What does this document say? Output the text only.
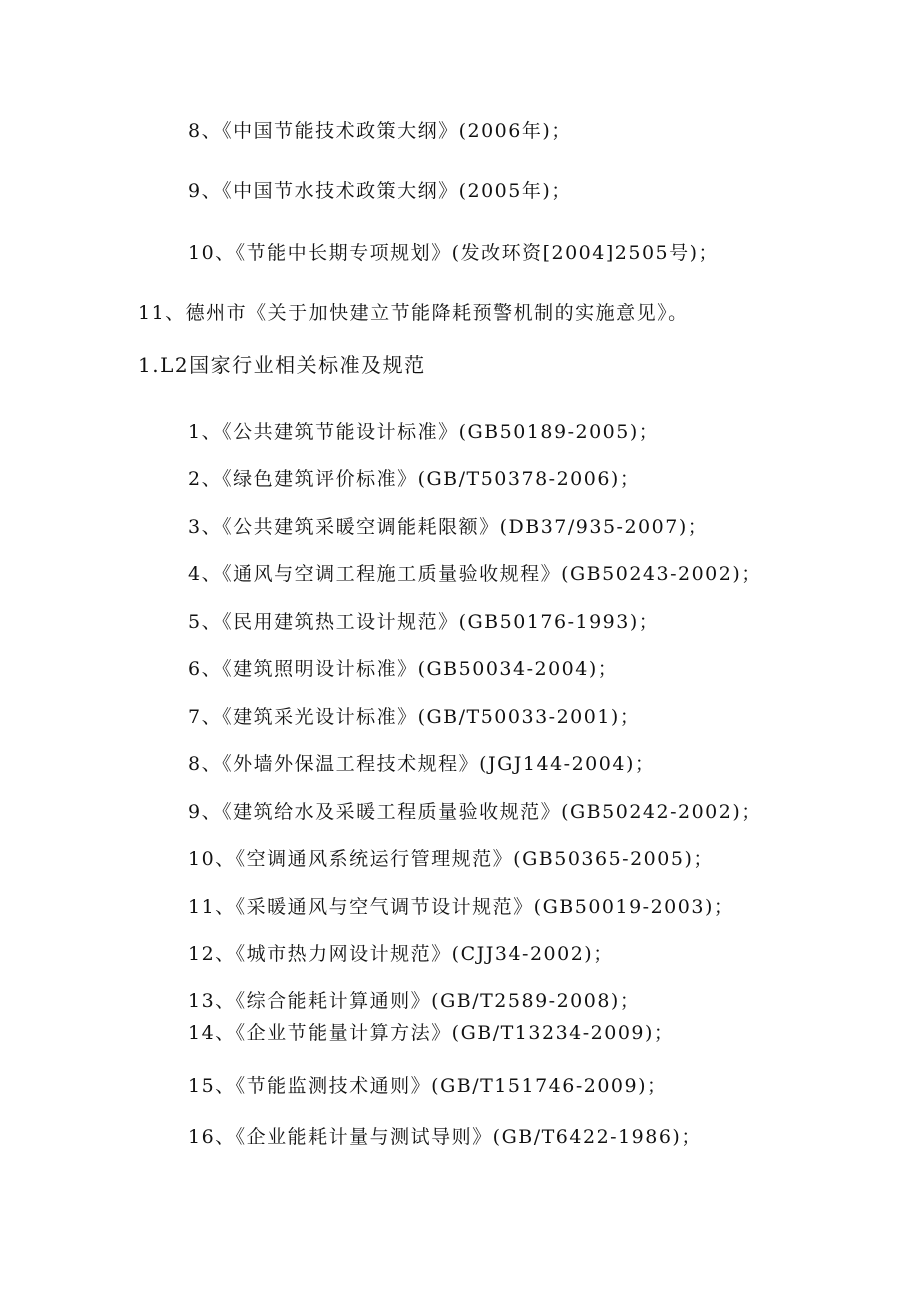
8、《中国节能技术政策大纲》(2006年)；
9、《中国节水技术政策大纲》(2005年)；
10、《节能中长期专项规划》(发改环资[2004]2505号)；
11、德州市《关于加快建立节能降耗预警机制的实施意见》。
1.L2国家行业相关标准及规范
1、《公共建筑节能设计标准》(GB50189-2005)；
2、《绿色建筑评价标准》(GB/T50378-2006)；
3、《公共建筑采暖空调能耗限额》(DB37/935-2007)；
4、《通风与空调工程施工质量验收规程》(GB50243-2002)；
5、《民用建筑热工设计规范》(GB50176-1993)；
6、《建筑照明设计标准》(GB50034-2004)；
7、《建筑采光设计标准》(GB/T50033-2001)；
8、《外墙外保温工程技术规程》(JGJ144-2004)；
9、《建筑给水及采暖工程质量验收规范》(GB50242-2002)；
10、《空调通风系统运行管理规范》(GB50365-2005)；
11、《采暖通风与空气调节设计规范》(GB50019-2003)；
12、《城市热力网设计规范》(CJJ34-2002)；
13、《综合能耗计算通则》(GB/T2589-2008)；
14、《企业节能量计算方法》(GB/T13234-2009)；
15、《节能监测技术通则》(GB/T151746-2009)；
16、《企业能耗计量与测试导则》(GB/T6422-1986)；
